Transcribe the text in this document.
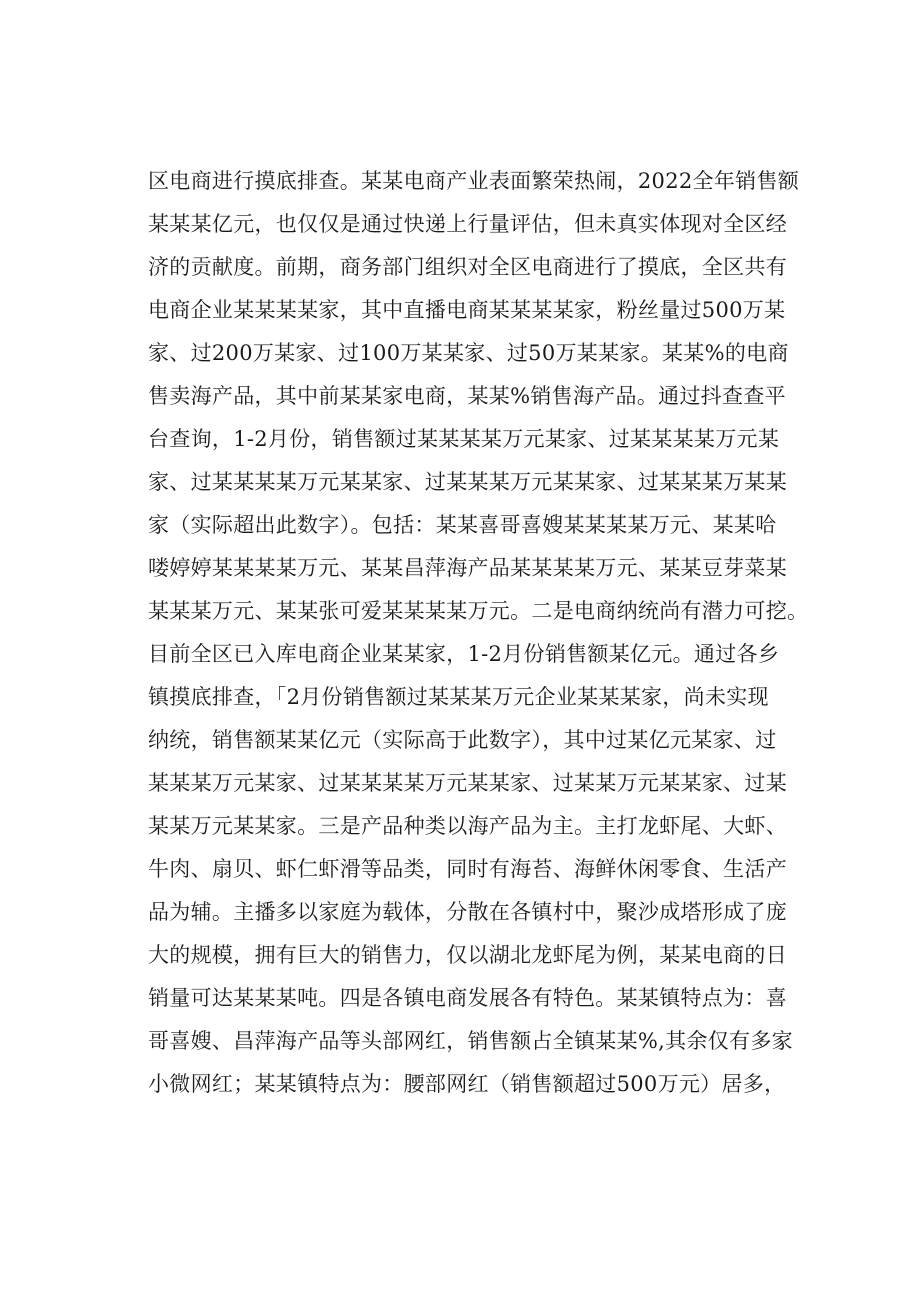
区电商进行摸底排查。某某电商产业表面繁荣热闹，2022全年销售额
某某某亿元，也仅仅是通过快递上行量评估，但未真实体现对全区经
济的贡献度。前期，商务部门组织对全区电商进行了摸底，全区共有
电商企业某某某某家，其中直播电商某某某某家，粉丝量过500万某
家、过200万某家、过100万某某家、过50万某某家。某某%的电商
售卖海产品，其中前某某家电商，某某%销售海产品。通过抖查查平
台查询，1-2月份，销售额过某某某某万元某家、过某某某某万元某
家、过某某某某万元某某家、过某某某万元某某家、过某某某万某某
家（实际超出此数字）。包括：某某喜哥喜嫂某某某某万元、某某哈
喽婷婷某某某某万元、某某昌萍海产品某某某某万元、某某豆芽菜某
某某某万元、某某张可爱某某某某万元。二是电商纳统尚有潜力可挖。
目前全区已入库电商企业某某家，1-2月份销售额某亿元。通过各乡
镇摸底排查，「2月份销售额过某某某万元企业某某某家，尚未实现
纳统，销售额某某亿元（实际高于此数字），其中过某亿元某家、过
某某某万元某家、过某某某某万元某某家、过某某万元某某家、过某
某某万元某某家。三是产品种类以海产品为主。主打龙虾尾、大虾、
牛肉、扇贝、虾仁虾滑等品类，同时有海苔、海鲜休闲零食、生活产
品为辅。主播多以家庭为载体，分散在各镇村中，聚沙成塔形成了庞
大的规模，拥有巨大的销售力，仅以湖北龙虾尾为例，某某电商的日
销量可达某某某吨。四是各镇电商发展各有特色。某某镇特点为：喜
哥喜嫂、昌萍海产品等头部网红，销售额占全镇某某%,其余仅有多家
小微网红；某某镇特点为：腰部网红（销售额超过500万元）居多，
